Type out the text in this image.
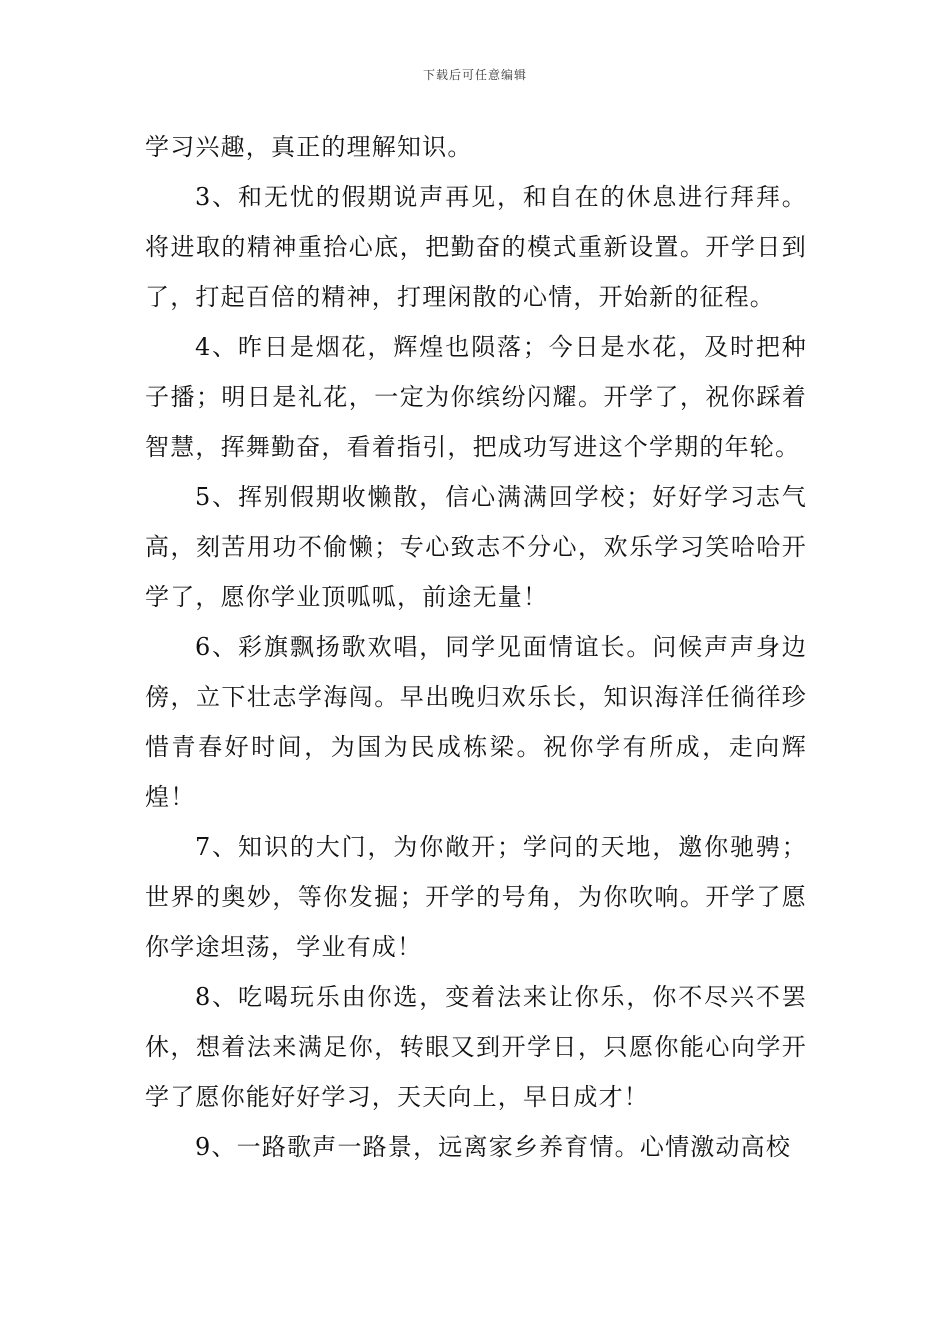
下载后可任意编辑

学习兴趣，真正的理解知识。

3、和无忧的假期说声再见，和自在的休息进行拜拜。将进取的精神重拾心底，把勤奋的模式重新设置。开学日到了，打起百倍的精神，打理闲散的心情，开始新的征程。

4、昨日是烟花，辉煌也陨落；今日是水花，及时把种子播；明日是礼花，一定为你缤纷闪耀。开学了，祝你踩着智慧，挥舞勤奋，看着指引，把成功写进这个学期的年轮。

5、挥别假期收懒散，信心满满回学校；好好学习志气高，刻苦用功不偷懒；专心致志不分心，欢乐学习笑哈哈开学了，愿你学业顶呱呱，前途无量！

6、彩旗飘扬歌欢唱，同学见面情谊长。问候声声身边傍，立下壮志学海闯。早出晚归欢乐长，知识海洋任徜徉珍惜青春好时间，为国为民成栋梁。祝你学有所成，走向辉煌！

7、知识的大门，为你敞开；学问的天地，邀你驰骋；世界的奥妙，等你发掘；开学的号角，为你吹响。开学了愿你学途坦荡，学业有成！

8、吃喝玩乐由你选，变着法来让你乐，你不尽兴不罢休，想着法来满足你，转眼又到开学日，只愿你能心向学开学了愿你能好好学习，天天向上，早日成才！

9、一路歌声一路景，远离家乡养育情。心情激动高校
